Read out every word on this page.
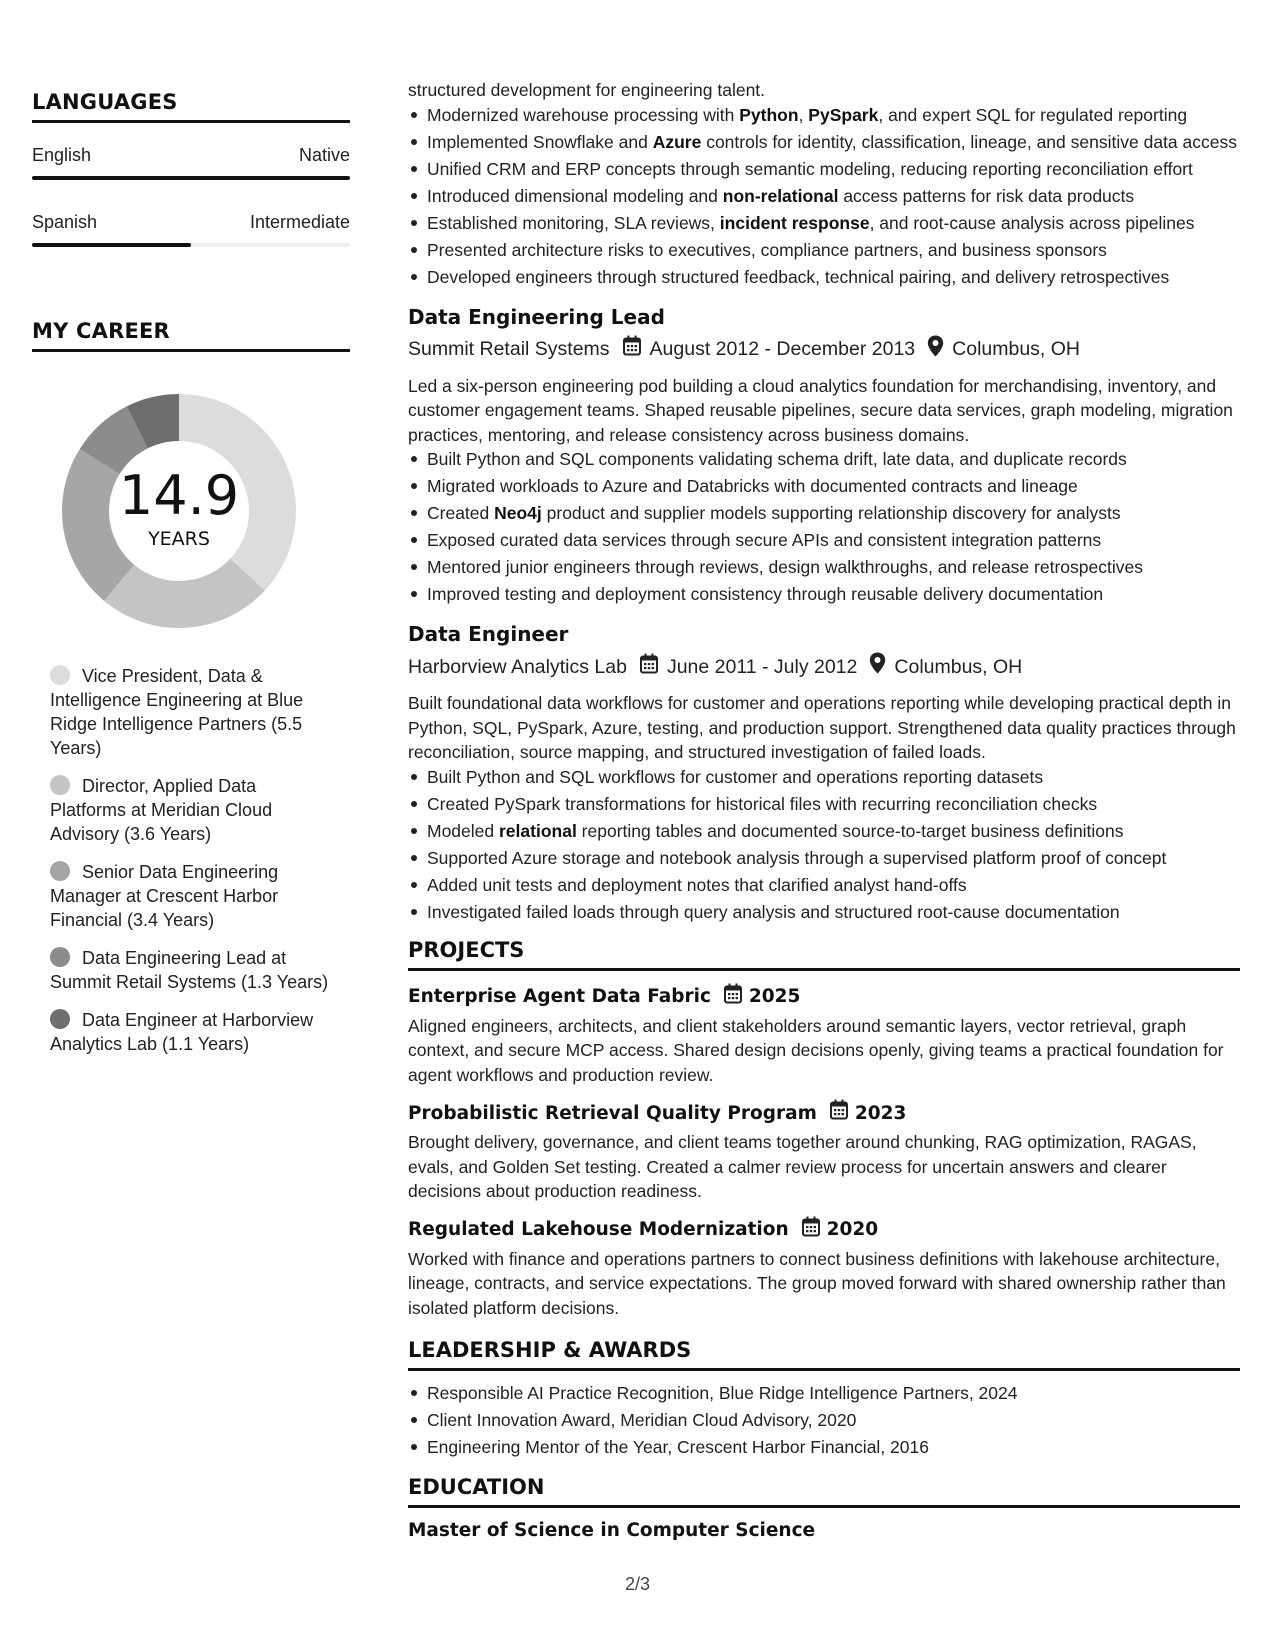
LANGUAGES
English	Native
Spanish	Intermediate
MY CAREER
14.9
YEARS
Vice President, Data & Intelligence Engineering at Blue Ridge Intelligence Partners (5.5 Years)
Director, Applied Data Platforms at Meridian Cloud Advisory (3.6 Years)
Senior Data Engineering Manager at Crescent Harbor Financial (3.4 Years)
Data Engineering Lead at Summit Retail Systems (1.3 Years)
Data Engineer at Harborview Analytics Lab (1.1 Years)
structured development for engineering talent.
Modernized warehouse processing with Python, PySpark, and expert SQL for regulated reporting
Implemented Snowflake and Azure controls for identity, classification, lineage, and sensitive data access
Unified CRM and ERP concepts through semantic modeling, reducing reporting reconciliation effort
Introduced dimensional modeling and non-relational access patterns for risk data products
Established monitoring, SLA reviews, incident response, and root-cause analysis across pipelines
Presented architecture risks to executives, compliance partners, and business sponsors
Developed engineers through structured feedback, technical pairing, and delivery retrospectives
Data Engineering Lead
Summit Retail Systems August 2012 - December 2013 Columbus, OH
Led a six-person engineering pod building a cloud analytics foundation for merchandising, inventory, and customer engagement teams. Shaped reusable pipelines, secure data services, graph modeling, migration practices, mentoring, and release consistency across business domains.
Built Python and SQL components validating schema drift, late data, and duplicate records
Migrated workloads to Azure and Databricks with documented contracts and lineage
Created Neo4j product and supplier models supporting relationship discovery for analysts
Exposed curated data services through secure APIs and consistent integration patterns
Mentored junior engineers through reviews, design walkthroughs, and release retrospectives
Improved testing and deployment consistency through reusable delivery documentation
Data Engineer
Harborview Analytics Lab June 2011 - July 2012 Columbus, OH
Built foundational data workflows for customer and operations reporting while developing practical depth in Python, SQL, PySpark, Azure, testing, and production support. Strengthened data quality practices through reconciliation, source mapping, and structured investigation of failed loads.
Built Python and SQL workflows for customer and operations reporting datasets
Created PySpark transformations for historical files with recurring reconciliation checks
Modeled relational reporting tables and documented source-to-target business definitions
Supported Azure storage and notebook analysis through a supervised platform proof of concept
Added unit tests and deployment notes that clarified analyst hand-offs
Investigated failed loads through query analysis and structured root-cause documentation
PROJECTS
Enterprise Agent Data Fabric 2025
Aligned engineers, architects, and client stakeholders around semantic layers, vector retrieval, graph context, and secure MCP access. Shared design decisions openly, giving teams a practical foundation for agent workflows and production review.
Probabilistic Retrieval Quality Program 2023
Brought delivery, governance, and client teams together around chunking, RAG optimization, RAGAS, evals, and Golden Set testing. Created a calmer review process for uncertain answers and clearer decisions about production readiness.
Regulated Lakehouse Modernization 2020
Worked with finance and operations partners to connect business definitions with lakehouse architecture, lineage, contracts, and service expectations. The group moved forward with shared ownership rather than isolated platform decisions.
LEADERSHIP & AWARDS
Responsible AI Practice Recognition, Blue Ridge Intelligence Partners, 2024
Client Innovation Award, Meridian Cloud Advisory, 2020
Engineering Mentor of the Year, Crescent Harbor Financial, 2016
EDUCATION
Master of Science in Computer Science
2/3
